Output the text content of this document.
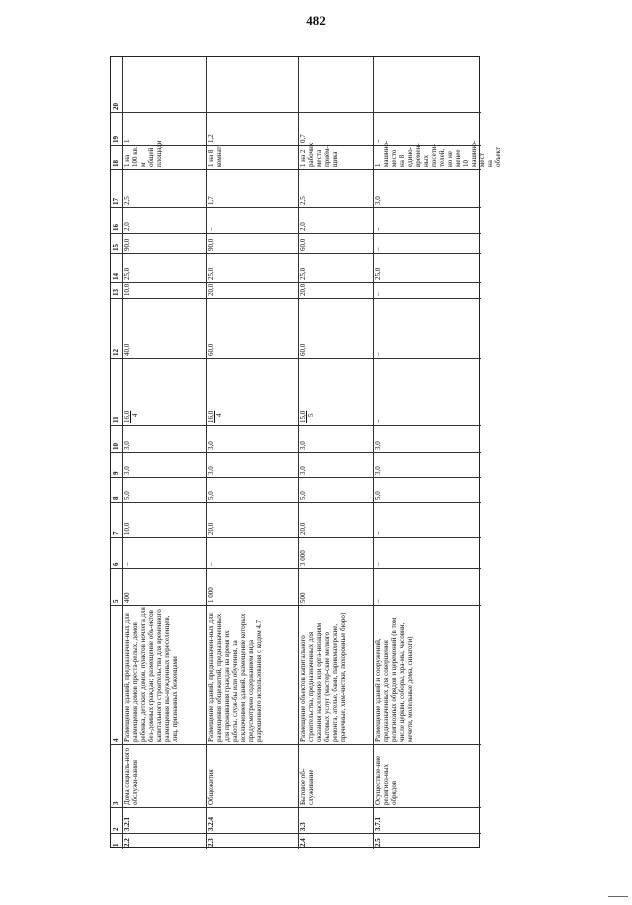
482
1
2
3
4
5
6
7
8
9
10
11
12
13
14
15
16
17
18
19
20
2.2
3.2.1
Дома социаль-ного обслужи-вания
Размещение зданий, предназначен-ных для размещения домов преста-релых, домов ребенка, детских домов, пунктов ночлега для без-домных граждан; размещение объ-ектов капитального строительства для временного размещения вы-нужденных переселенцев, лиц, признанных беженцами
400
–
10,0
5,0
3,0
3,0
16,0 4
40,0
10,0
25,0
90,0
2,0
2,5
1 на 100 кв. м общей площади
1
2.3
3.2.4
Общежития
Размещение зданий, предназначен-ных для размещения общежитий, предназначенных для проживания граждан на время их работы, служ-бы или обучения, за исключением зданий, размещение которых предусмотрено содержанием вида разрешенного использования с кодом 4.7
1 000
–
20,0
5,0
3,0
3,0
16,0 4
60,0
20,0
25,0
90,0
–
1,7
1 на 8 комнат
1,2
2.4
3.3
Бытовое об-служивание
Размещение объектов капитального строительства, предназначенных для оказания населению или орга-низациям бытовых услуг (мастер-ские мелкого ремонта, ателье, бани, парикмахерские, прачечные, хим-чистки, похоронные бюро)
500
3 000
20,0
5,0
3,0
3,0
15,0 5
60,0
20,0
25,0
60,0
2,0
2,5
1 на 2 рабочих места приём-щика
0,7
2.5
3.7.1
Осуществле-ние религиоз-ных обрядов
Размещение зданий и сооружений, предназначенных для совершения религиозных обрядов и церемоний (в том числе церкви, соборы, хра-мы, часовни, мечети, молельные дома, синагоги)
–
–
–
5,0
3,0
3,0
–
–
–
25,0
–
–
3,0
1 машино-место на 8 едино-времен-ных посети-телей, но не менее 10 машино-мест на объект
–
